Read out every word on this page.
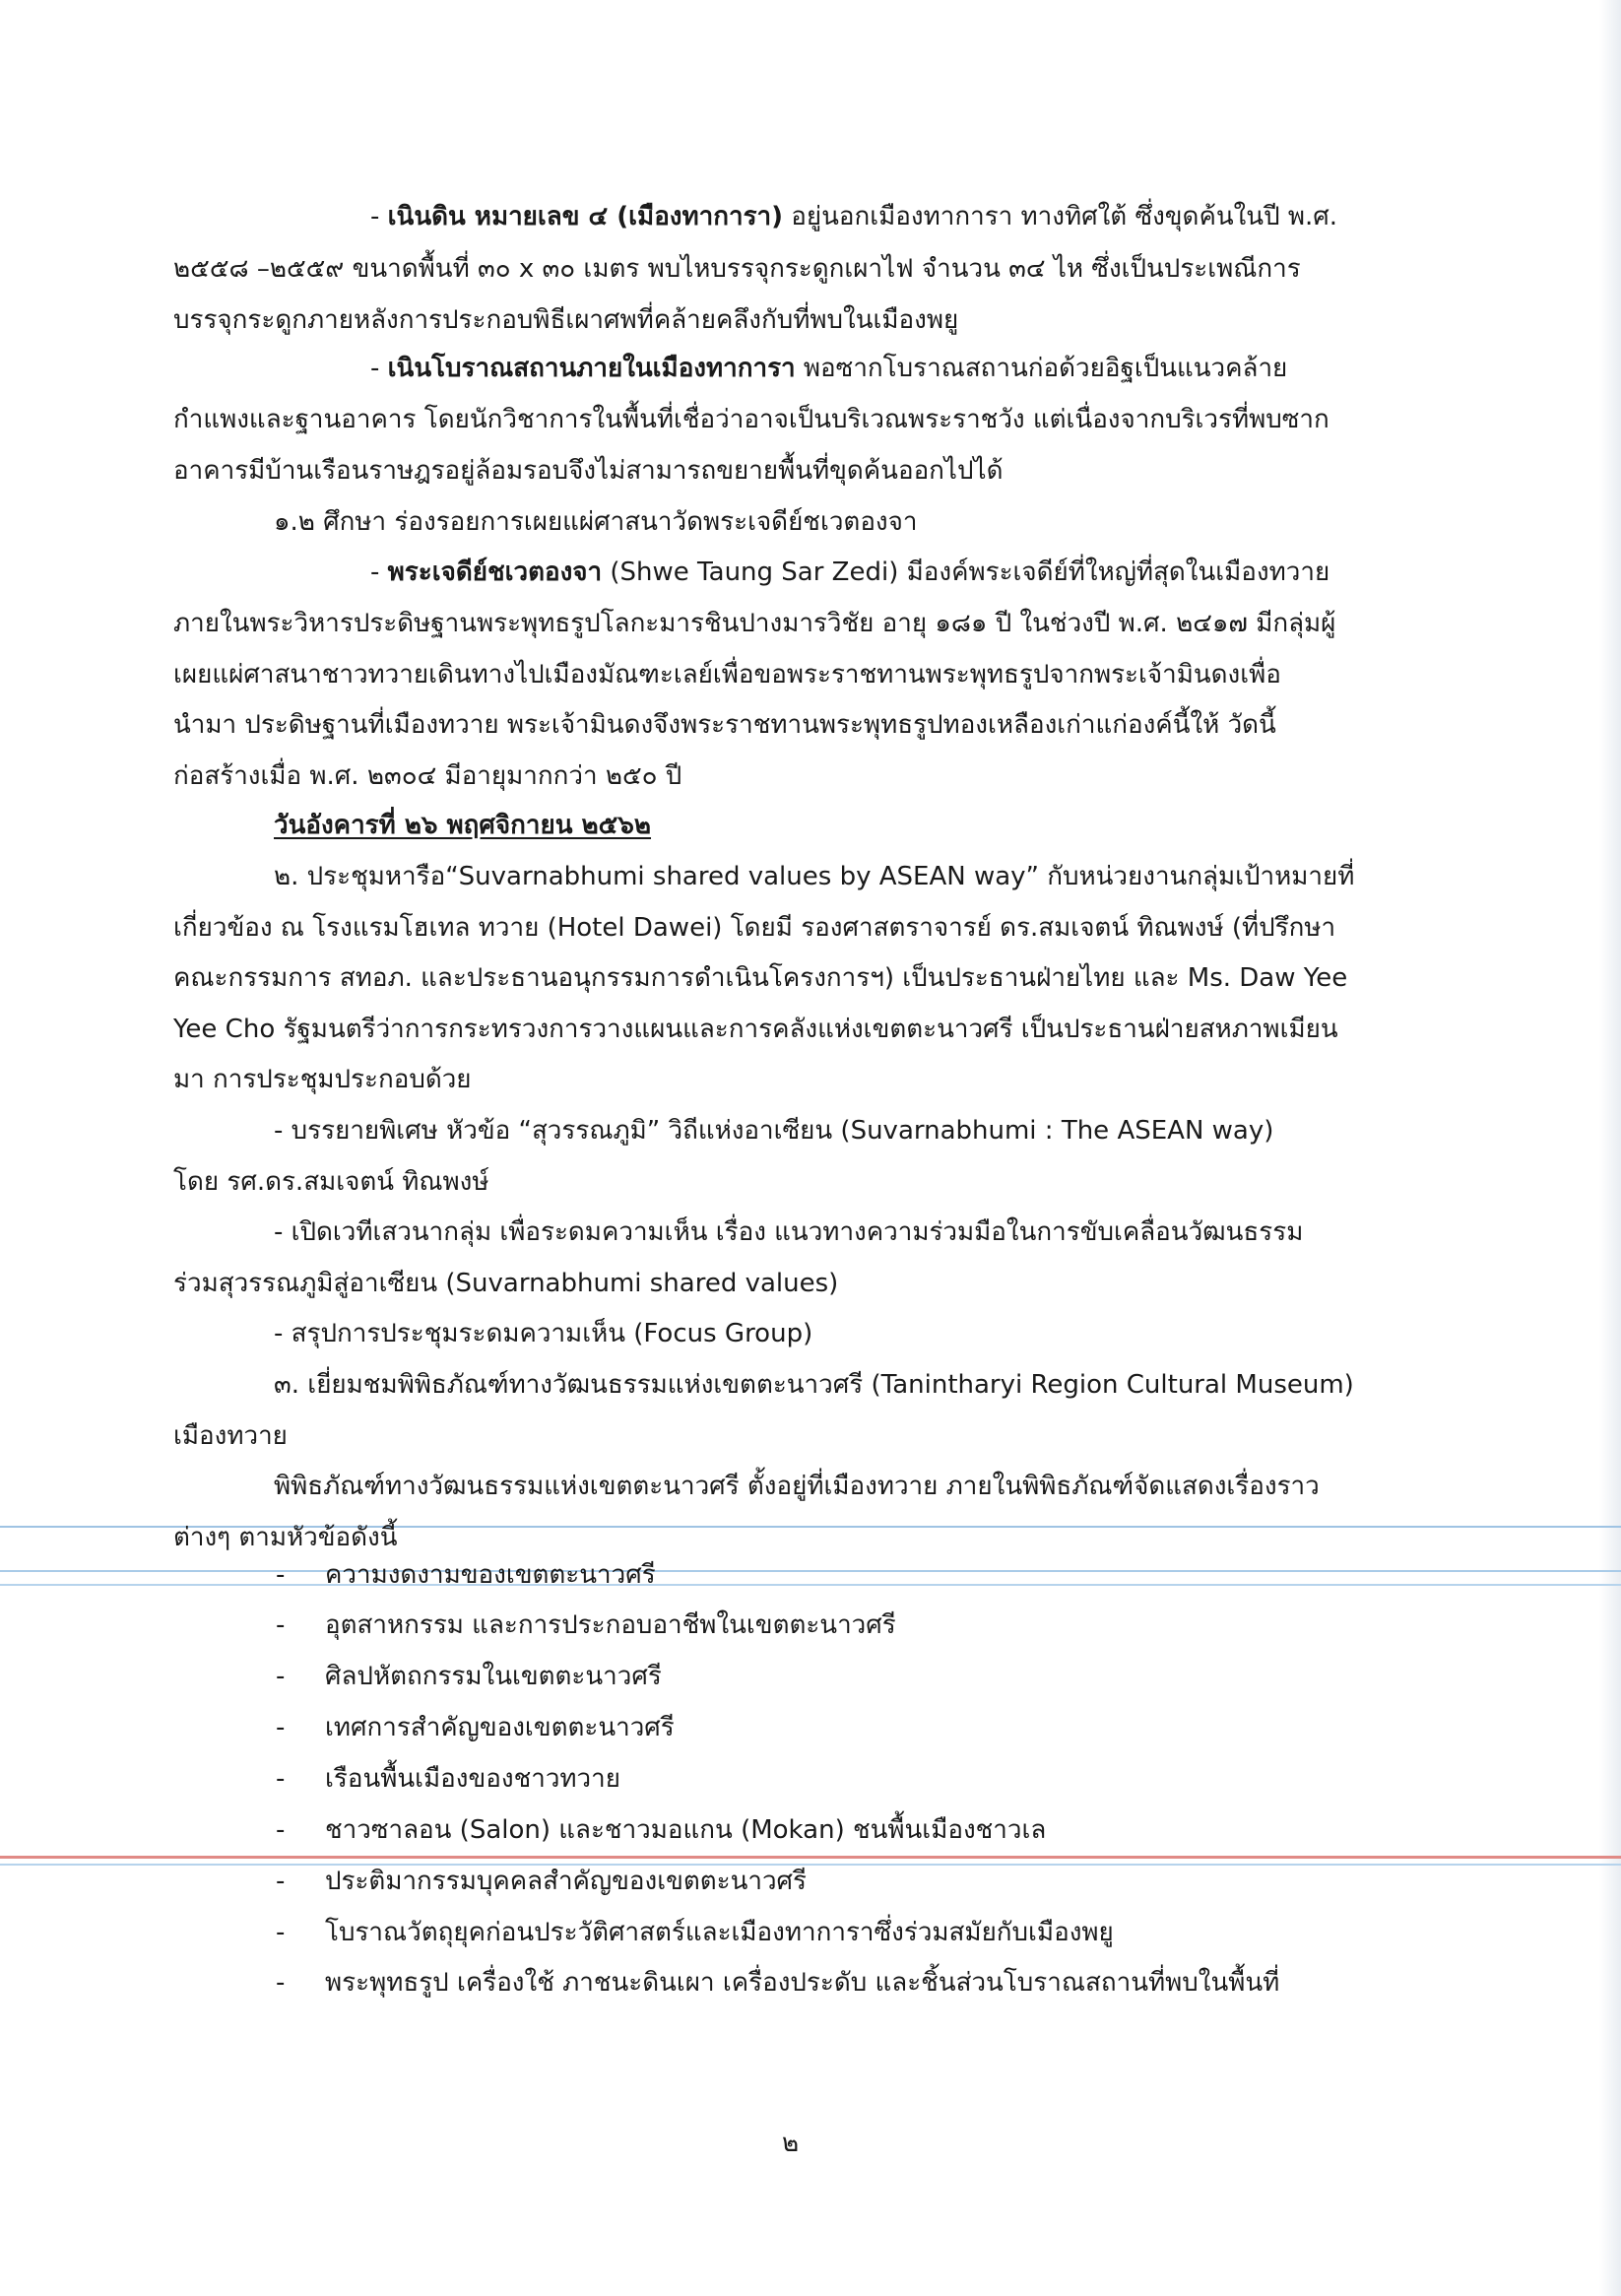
- เนินดิน หมายเลข ๔ (เมืองทาการา) อยู่นอกเมืองทาการา ทางทิศใต้ ซึ่งขุดค้นในปี พ.ศ.
๒๕๕๘ –๒๕๕๙ ขนาดพื้นที่ ๓๐ x ๓๐ เมตร พบไหบรรจุกระดูกเผาไฟ จำนวน ๓๔ ไห ซึ่งเป็นประเพณีการ
บรรจุกระดูกภายหลังการประกอบพิธีเผาศพที่คล้ายคลึงกับที่พบในเมืองพยู
- เนินโบราณสถานภายในเมืองทาการา พอซากโบราณสถานก่อด้วยอิฐเป็นแนวคล้าย
กำแพงและฐานอาคาร โดยนักวิชาการในพื้นที่เชื่อว่าอาจเป็นบริเวณพระราชวัง แต่เนื่องจากบริเวรที่พบซาก
อาคารมีบ้านเรือนราษฎรอยู่ล้อมรอบจึงไม่สามารถขยายพื้นที่ขุดค้นออกไปได้
๑.๒ ศึกษา ร่องรอยการเผยแผ่ศาสนาวัดพระเจดีย์ชเวตองจา
- พระเจดีย์ชเวตองจา (Shwe Taung Sar Zedi) มีองค์พระเจดีย์ที่ใหญ่ที่สุดในเมืองทวาย
ภายในพระวิหารประดิษฐานพระพุทธรูปโลกะมารชินปางมารวิชัย อายุ ๑๘๑ ปี ในช่วงปี พ.ศ. ๒๔๑๗ มีกลุ่มผู้
เผยแผ่ศาสนาชาวทวายเดินทางไปเมืองมัณฑะเลย์เพื่อขอพระราชทานพระพุทธรูปจากพระเจ้ามินดงเพื่อ
นำมา ประดิษฐานที่เมืองทวาย พระเจ้ามินดงจึงพระราชทานพระพุทธรูปทองเหลืองเก่าแก่องค์นี้ให้ วัดนี้
ก่อสร้างเมื่อ พ.ศ. ๒๓๐๔ มีอายุมากกว่า ๒๕๐ ปี
วันอังคารที่ ๒๖ พฤศจิกายน ๒๕๖๒
๒. ประชุมหารือ“Suvarnabhumi shared values by ASEAN way” กับหน่วยงานกลุ่มเป้าหมายที่
เกี่ยวข้อง ณ โรงแรมโฮเทล ทวาย (Hotel Dawei) โดยมี รองศาสตราจารย์ ดร.สมเจตน์ ทิณพงษ์ (ที่ปรึกษา
คณะกรรมการ สทอภ. และประธานอนุกรรมการดำเนินโครงการฯ) เป็นประธานฝ่ายไทย และ Ms. Daw Yee
Yee Cho รัฐมนตรีว่าการกระทรวงการวางแผนและการคลังแห่งเขตตะนาวศรี เป็นประธานฝ่ายสหภาพเมียน
มา การประชุมประกอบด้วย
- บรรยายพิเศษ หัวข้อ “สุวรรณภูมิ” วิถีแห่งอาเซียน (Suvarnabhumi : The ASEAN way)
โดย รศ.ดร.สมเจตน์ ทิณพงษ์
- เปิดเวทีเสวนากลุ่ม เพื่อระดมความเห็น เรื่อง แนวทางความร่วมมือในการขับเคลื่อนวัฒนธรรม
ร่วมสุวรรณภูมิสู่อาเซียน (Suvarnabhumi shared values)
- สรุปการประชุมระดมความเห็น (Focus Group)
๓. เยี่ยมชมพิพิธภัณฑ์ทางวัฒนธรรมแห่งเขตตะนาวศรี (Tanintharyi Region Cultural Museum)
เมืองทวาย
พิพิธภัณฑ์ทางวัฒนธรรมแห่งเขตตะนาวศรี ตั้งอยู่ที่เมืองทวาย ภายในพิพิธภัณฑ์จัดแสดงเรื่องราว
ต่างๆ ตามหัวข้อดังนี้
- ความงดงามของเขตตะนาวศรี
- อุตสาหกรรม และการประกอบอาชีพในเขตตะนาวศรี
- ศิลปหัตถกรรมในเขตตะนาวศรี
- เทศการสำคัญของเขตตะนาวศรี
- เรือนพื้นเมืองของชาวทวาย
- ชาวซาลอน (Salon) และชาวมอแกน (Mokan) ชนพื้นเมืองชาวเล
- ประติมากรรมบุคคลสำคัญของเขตตะนาวศรี
- โบราณวัตถุยุคก่อนประวัติศาสตร์และเมืองทาการาซึ่งร่วมสมัยกับเมืองพยู
- พระพุทธรูป เครื่องใช้ ภาชนะดินเผา เครื่องประดับ และชิ้นส่วนโบราณสถานที่พบในพื้นที่
๒
